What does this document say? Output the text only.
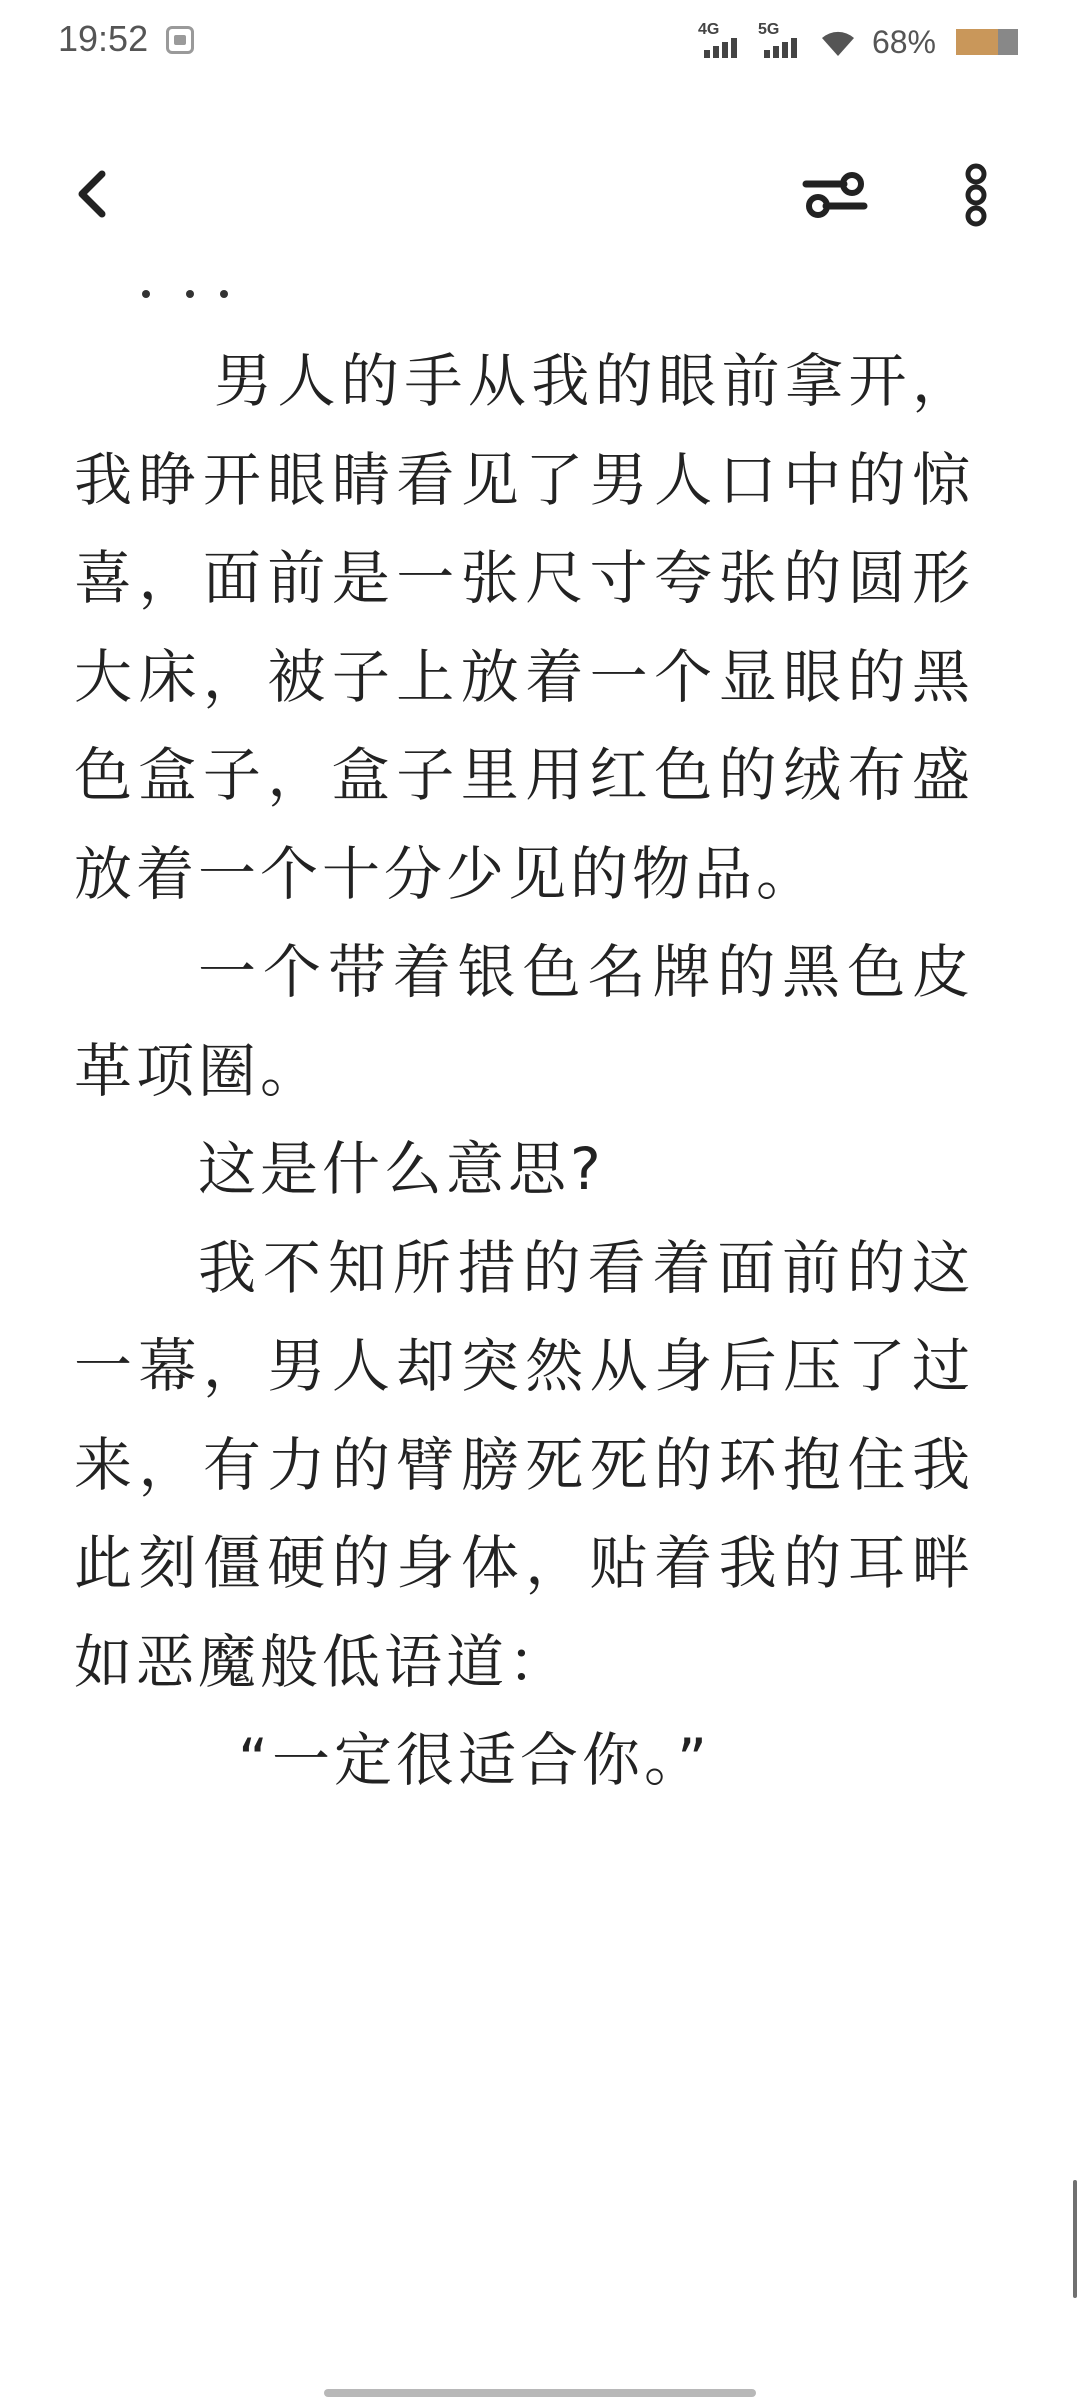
19:52	4G 5G	68%

男人的手从我的眼前拿开，我睁开眼睛看见了男人口中的惊喜，面前是一张尺寸夸张的圆形大床，被子上放着一个显眼的黑色盒子，盒子里用红色的绒布盛放着一个十分少见的物品。

一个带着银色名牌的黑色皮革项圈。

这是什么意思?

我不知所措的看着面前的这一幕，男人却突然从身后压了过来，有力的臂膀死死的环抱住我此刻僵硬的身体，贴着我的耳畔如恶魔般低语道：

“一定很适合你。”
